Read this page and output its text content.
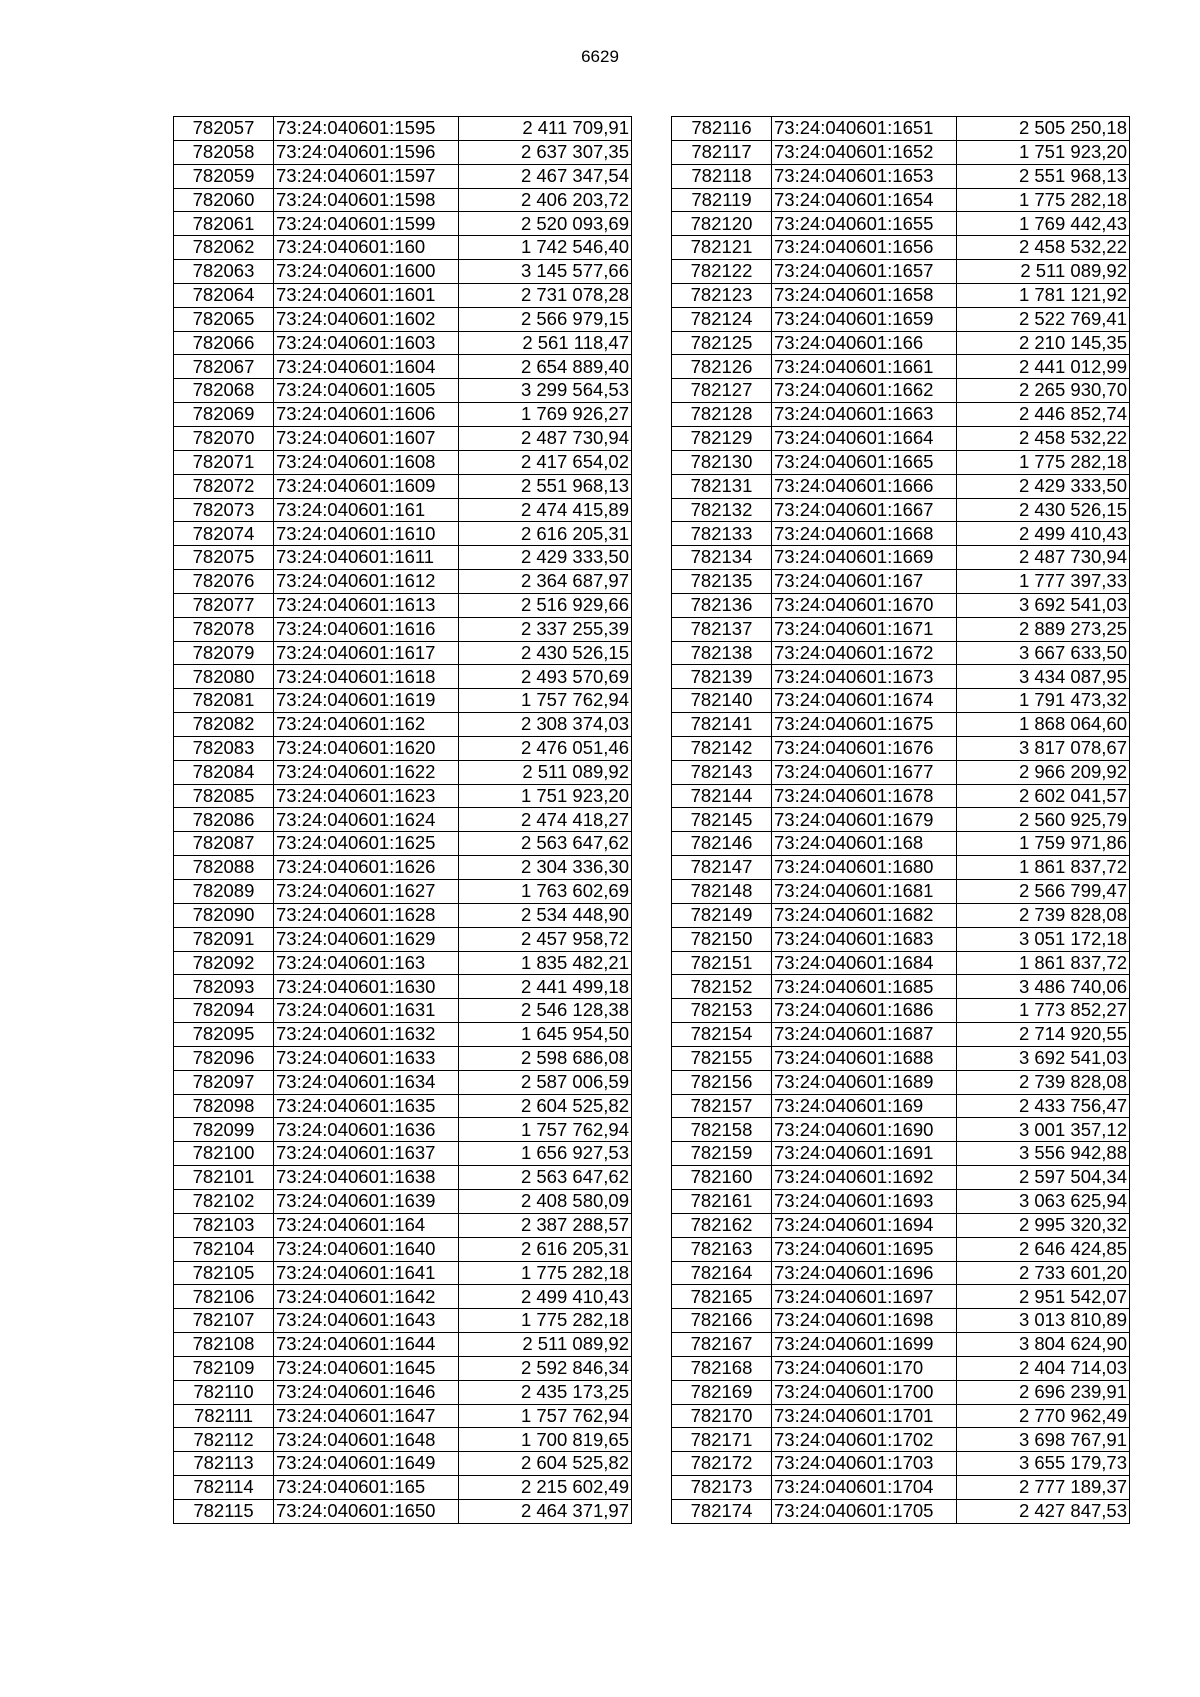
6629
782057	73:24:040601:1595	2 411 709,91
782058	73:24:040601:1596	2 637 307,35
782059	73:24:040601:1597	2 467 347,54
782060	73:24:040601:1598	2 406 203,72
782061	73:24:040601:1599	2 520 093,69
782062	73:24:040601:160	1 742 546,40
782063	73:24:040601:1600	3 145 577,66
782064	73:24:040601:1601	2 731 078,28
782065	73:24:040601:1602	2 566 979,15
782066	73:24:040601:1603	2 561 118,47
782067	73:24:040601:1604	2 654 889,40
782068	73:24:040601:1605	3 299 564,53
782069	73:24:040601:1606	1 769 926,27
782070	73:24:040601:1607	2 487 730,94
782071	73:24:040601:1608	2 417 654,02
782072	73:24:040601:1609	2 551 968,13
782073	73:24:040601:161	2 474 415,89
782074	73:24:040601:1610	2 616 205,31
782075	73:24:040601:1611	2 429 333,50
782076	73:24:040601:1612	2 364 687,97
782077	73:24:040601:1613	2 516 929,66
782078	73:24:040601:1616	2 337 255,39
782079	73:24:040601:1617	2 430 526,15
782080	73:24:040601:1618	2 493 570,69
782081	73:24:040601:1619	1 757 762,94
782082	73:24:040601:162	2 308 374,03
782083	73:24:040601:1620	2 476 051,46
782084	73:24:040601:1622	2 511 089,92
782085	73:24:040601:1623	1 751 923,20
782086	73:24:040601:1624	2 474 418,27
782087	73:24:040601:1625	2 563 647,62
782088	73:24:040601:1626	2 304 336,30
782089	73:24:040601:1627	1 763 602,69
782090	73:24:040601:1628	2 534 448,90
782091	73:24:040601:1629	2 457 958,72
782092	73:24:040601:163	1 835 482,21
782093	73:24:040601:1630	2 441 499,18
782094	73:24:040601:1631	2 546 128,38
782095	73:24:040601:1632	1 645 954,50
782096	73:24:040601:1633	2 598 686,08
782097	73:24:040601:1634	2 587 006,59
782098	73:24:040601:1635	2 604 525,82
782099	73:24:040601:1636	1 757 762,94
782100	73:24:040601:1637	1 656 927,53
782101	73:24:040601:1638	2 563 647,62
782102	73:24:040601:1639	2 408 580,09
782103	73:24:040601:164	2 387 288,57
782104	73:24:040601:1640	2 616 205,31
782105	73:24:040601:1641	1 775 282,18
782106	73:24:040601:1642	2 499 410,43
782107	73:24:040601:1643	1 775 282,18
782108	73:24:040601:1644	2 511 089,92
782109	73:24:040601:1645	2 592 846,34
782110	73:24:040601:1646	2 435 173,25
782111	73:24:040601:1647	1 757 762,94
782112	73:24:040601:1648	1 700 819,65
782113	73:24:040601:1649	2 604 525,82
782114	73:24:040601:165	2 215 602,49
782115	73:24:040601:1650	2 464 371,97
782116	73:24:040601:1651	2 505 250,18
782117	73:24:040601:1652	1 751 923,20
782118	73:24:040601:1653	2 551 968,13
782119	73:24:040601:1654	1 775 282,18
782120	73:24:040601:1655	1 769 442,43
782121	73:24:040601:1656	2 458 532,22
782122	73:24:040601:1657	2 511 089,92
782123	73:24:040601:1658	1 781 121,92
782124	73:24:040601:1659	2 522 769,41
782125	73:24:040601:166	2 210 145,35
782126	73:24:040601:1661	2 441 012,99
782127	73:24:040601:1662	2 265 930,70
782128	73:24:040601:1663	2 446 852,74
782129	73:24:040601:1664	2 458 532,22
782130	73:24:040601:1665	1 775 282,18
782131	73:24:040601:1666	2 429 333,50
782132	73:24:040601:1667	2 430 526,15
782133	73:24:040601:1668	2 499 410,43
782134	73:24:040601:1669	2 487 730,94
782135	73:24:040601:167	1 777 397,33
782136	73:24:040601:1670	3 692 541,03
782137	73:24:040601:1671	2 889 273,25
782138	73:24:040601:1672	3 667 633,50
782139	73:24:040601:1673	3 434 087,95
782140	73:24:040601:1674	1 791 473,32
782141	73:24:040601:1675	1 868 064,60
782142	73:24:040601:1676	3 817 078,67
782143	73:24:040601:1677	2 966 209,92
782144	73:24:040601:1678	2 602 041,57
782145	73:24:040601:1679	2 560 925,79
782146	73:24:040601:168	1 759 971,86
782147	73:24:040601:1680	1 861 837,72
782148	73:24:040601:1681	2 566 799,47
782149	73:24:040601:1682	2 739 828,08
782150	73:24:040601:1683	3 051 172,18
782151	73:24:040601:1684	1 861 837,72
782152	73:24:040601:1685	3 486 740,06
782153	73:24:040601:1686	1 773 852,27
782154	73:24:040601:1687	2 714 920,55
782155	73:24:040601:1688	3 692 541,03
782156	73:24:040601:1689	2 739 828,08
782157	73:24:040601:169	2 433 756,47
782158	73:24:040601:1690	3 001 357,12
782159	73:24:040601:1691	3 556 942,88
782160	73:24:040601:1692	2 597 504,34
782161	73:24:040601:1693	3 063 625,94
782162	73:24:040601:1694	2 995 320,32
782163	73:24:040601:1695	2 646 424,85
782164	73:24:040601:1696	2 733 601,20
782165	73:24:040601:1697	2 951 542,07
782166	73:24:040601:1698	3 013 810,89
782167	73:24:040601:1699	3 804 624,90
782168	73:24:040601:170	2 404 714,03
782169	73:24:040601:1700	2 696 239,91
782170	73:24:040601:1701	2 770 962,49
782171	73:24:040601:1702	3 698 767,91
782172	73:24:040601:1703	3 655 179,73
782173	73:24:040601:1704	2 777 189,37
782174	73:24:040601:1705	2 427 847,53
